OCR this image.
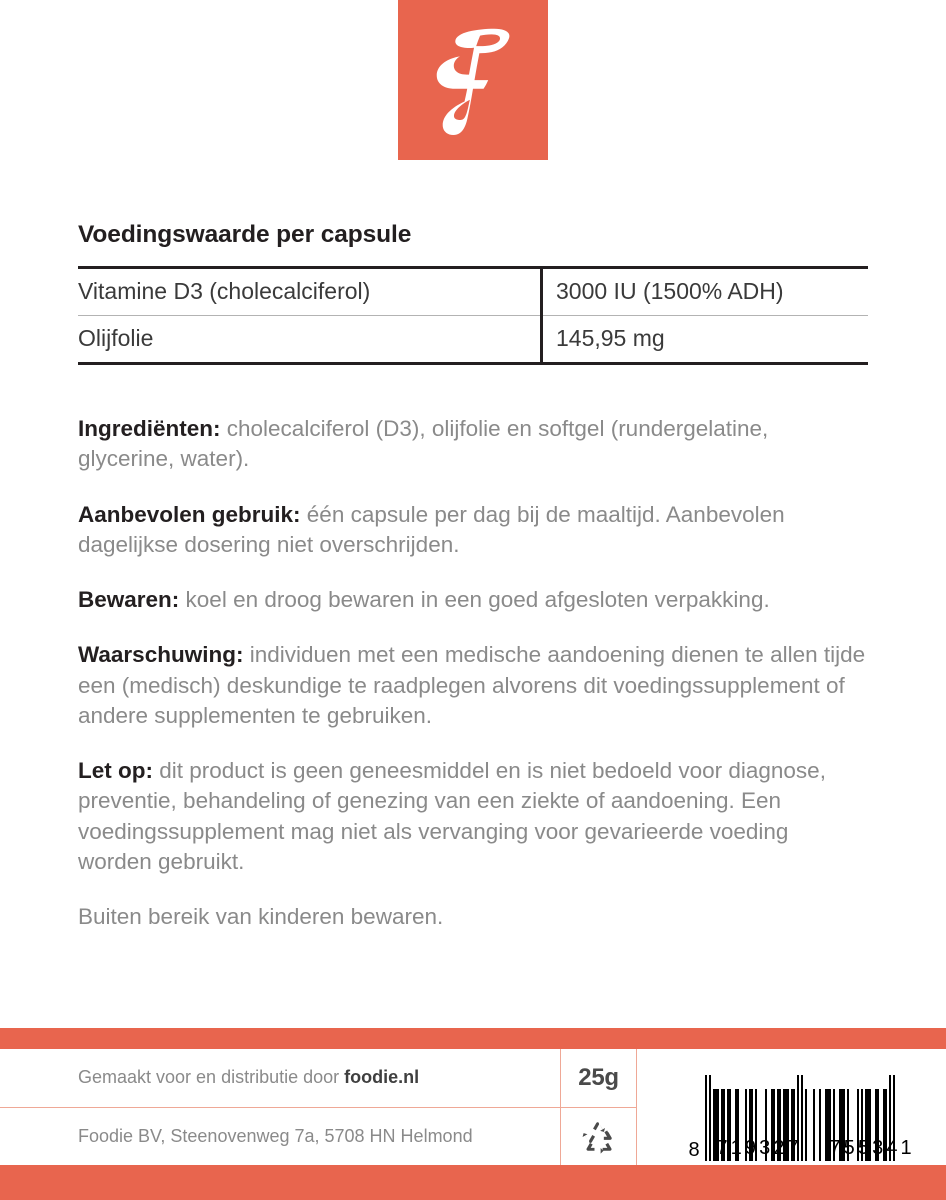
Voedingswaarde per capsule
Vitamine D3 (cholecalciferol)	3000 IU (1500% ADH)
Olijfolie	145,95 mg

Ingrediënten: cholecalciferol (D3), olijfolie en softgel (rundergelatine, glycerine, water).

Aanbevolen gebruik: één capsule per dag bij de maaltijd. Aanbevolen dagelijkse dosering niet overschrijden.

Bewaren: koel en droog bewaren in een goed afgesloten verpakking.

Waarschuwing: individuen met een medische aandoening dienen te allen tijde een (medisch) deskundige te raadplegen alvorens dit voedingssupplement of andere supplementen te gebruiken.

Let op: dit product is geen geneesmiddel en is niet bedoeld voor diagnose, preventie, behandeling of genezing van een ziekte of aandoening. Een voedingssupplement mag niet als vervanging voor gevarieerde voeding worden gebruikt.

Buiten bereik van kinderen bewaren.

Gemaakt voor en distributie door foodie.nl
Foodie BV, Steenovenweg 7a, 5708 HN Helmond
25g
8 719327 755341
